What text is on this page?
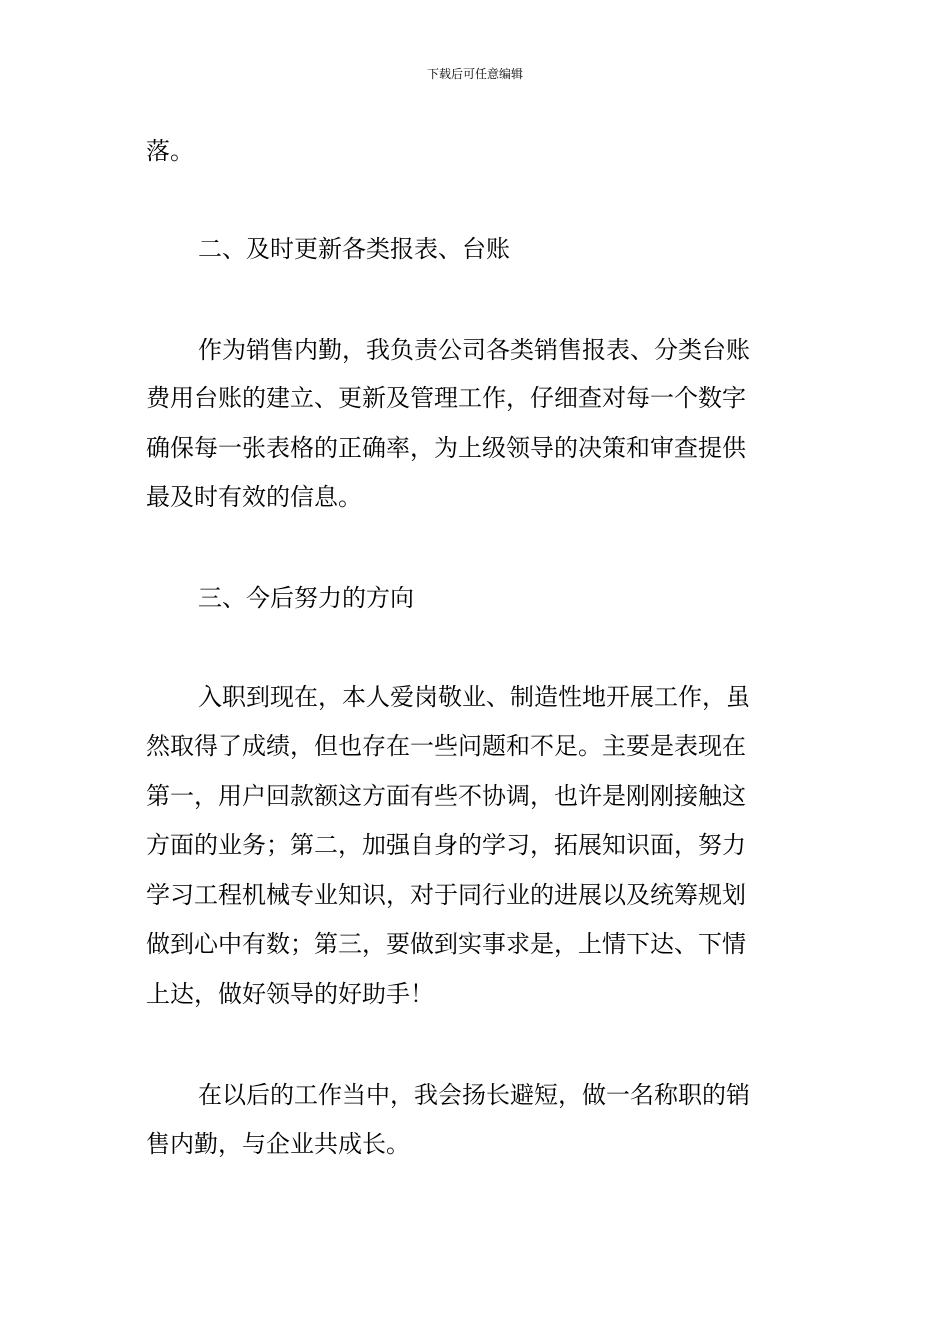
下载后可任意编辑
落。
二、及时更新各类报表、台账
作为销售内勤，我负责公司各类销售报表、分类台账
费用台账的建立、更新及管理工作，仔细查对每一个数字
确保每一张表格的正确率，为上级领导的决策和审查提供
最及时有效的信息。
三、今后努力的方向
入职到现在，本人爱岗敬业、制造性地开展工作，虽
然取得了成绩，但也存在一些问题和不足。主要是表现在
第一，用户回款额这方面有些不协调，也许是刚刚接触这
方面的业务；第二，加强自身的学习，拓展知识面，努力
学习工程机械专业知识，对于同行业的进展以及统筹规划
做到心中有数；第三，要做到实事求是，上情下达、下情
上达，做好领导的好助手！
在以后的工作当中，我会扬长避短，做一名称职的销
售内勤，与企业共成长。
